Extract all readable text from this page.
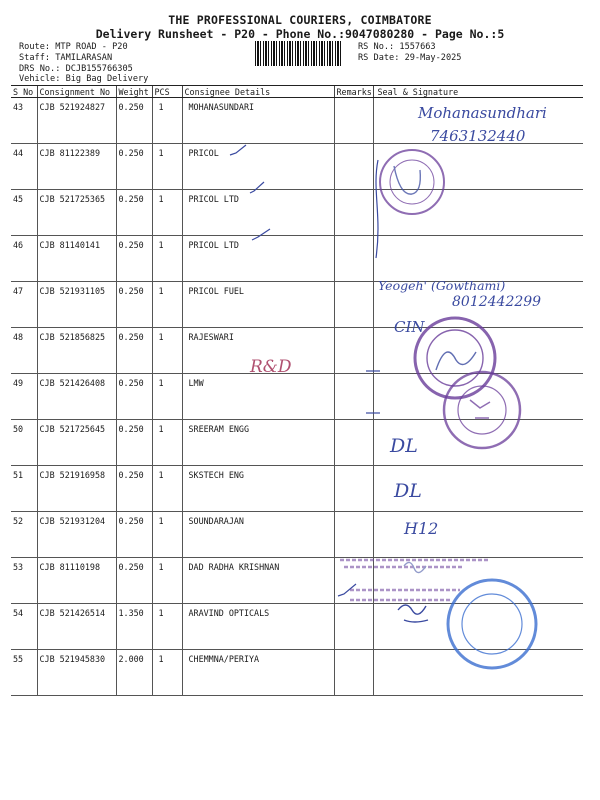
THE PROFESSIONAL COURIERS, COIMBATORE
Delivery Runsheet - P20 - Phone No.:9047080280 - Page No.:5
Route: MTP ROAD - P20
Staff: TAMILARASAN
DRS No.: DCJB155766305
Vehicle: Big Bag Delivery
RS No.: 1557663
RS Date: 29-May-2025
S No	Consignment No	Weight	PCS	Consignee Details	Remarks	Seal & Signature
43	CJB 521924827	0.250	1	MOHANASUNDARI		
44	CJB 81122389	0.250	1	PRICOL		
45	CJB 521725365	0.250	1	PRICOL LTD		
46	CJB 81140141	0.250	1	PRICOL LTD		
47	CJB 521931105	0.250	1	PRICOL FUEL		
48	CJB 521856825	0.250	1	RAJESWARI		
49	CJB 521426408	0.250	1	LMW		
50	CJB 521725645	0.250	1	SREERAM ENGG		
51	CJB 521916958	0.250	1	SKSTECH ENG		
52	CJB 521931204	0.250	1	SOUNDARAJAN		
53	CJB 81110198	0.250	1	DAD RADHA KRISHNAN		
54	CJB 521426514	1.350	1	ARAVIND OPTICALS		
55	CJB 521945830	2.000	1	CHEMMNA/PERIYA		
Mohanasundhari
7463132440
Yeogeh' (Gowthami)
8012442299
CIN
R&D
DL
DL
H12
